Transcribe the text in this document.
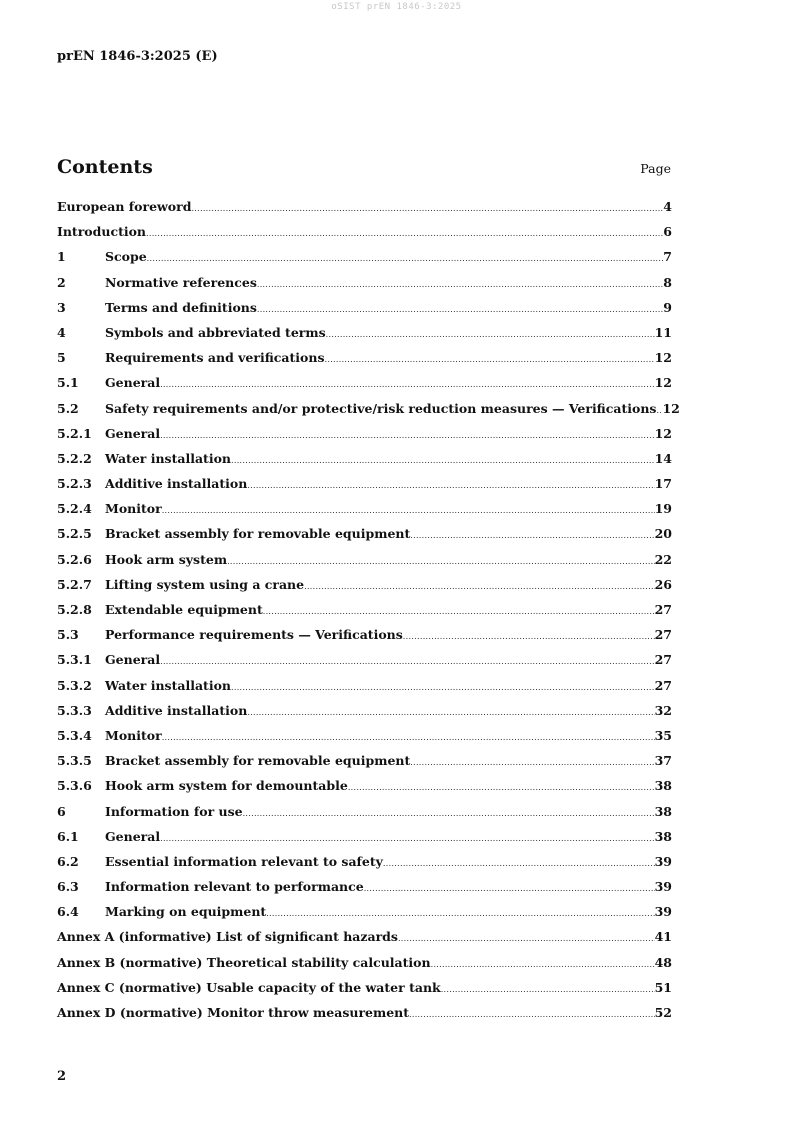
oSIST prEN 1846-3:2025
prEN 1846-3:2025 (E)
Contents	Page
European foreword .....	4
Introduction .....	6
1	Scope .....	7
2	Normative references .....	8
3	Terms and definitions .....	9
4	Symbols and abbreviated terms .....	11
5	Requirements and verifications .....	12
5.1	General .....	12
5.2	Safety requirements and/or protective/risk reduction measures — Verifications ..... 12
5.2.1	General .....	12
5.2.2	Water installation .....	14
5.2.3	Additive installation .....	17
5.2.4	Monitor .....	19
5.2.5	Bracket assembly for removable equipment .....	20
5.2.6	Hook arm system .....	22
5.2.7	Lifting system using a crane .....	26
5.2.8	Extendable equipment .....	27
5.3	Performance requirements — Verifications .....	27
5.3.1	General .....	27
5.3.2	Water installation .....	27
5.3.3	Additive installation .....	32
5.3.4	Monitor .....	35
5.3.5	Bracket assembly for removable equipment .....	37
5.3.6	Hook arm system for demountable .....	38
6	Information for use .....	38
6.1	General .....	38
6.2	Essential information relevant to safety .....	39
6.3	Information relevant to performance .....	39
6.4	Marking on equipment .....	39
Annex A (informative) List of significant hazards .....	41
Annex B (normative) Theoretical stability calculation .....	48
Annex C (normative) Usable capacity of the water tank .....	51
Annex D (normative) Monitor throw measurement .....	52
2
